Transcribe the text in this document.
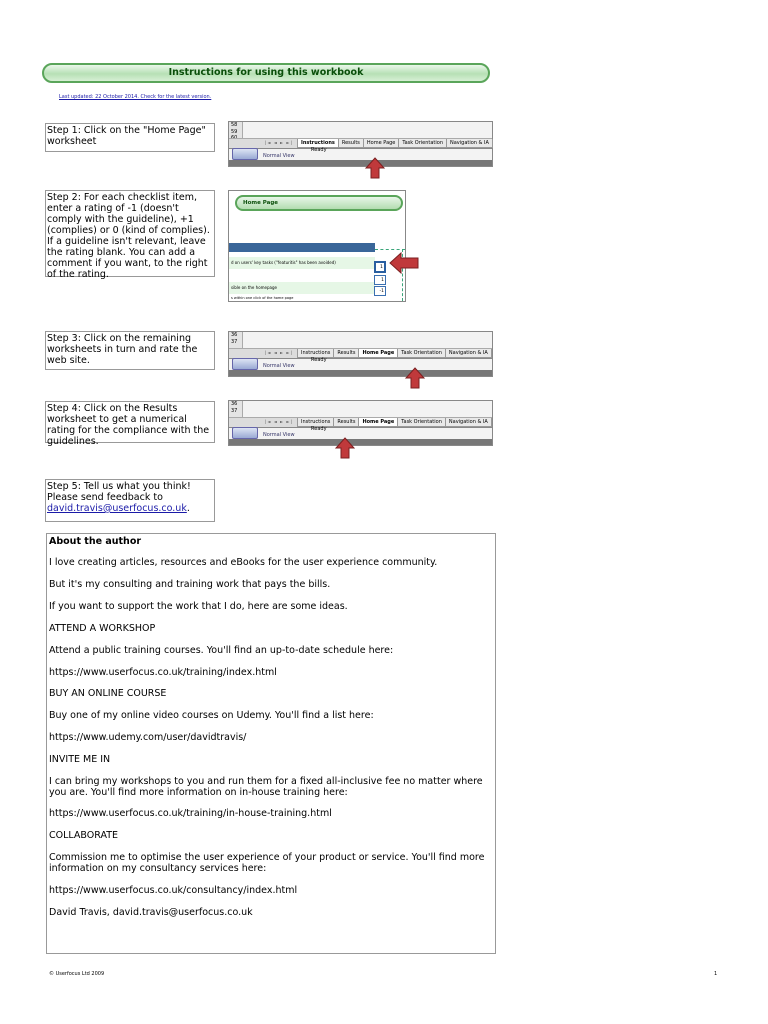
Instructions for using this workbook
Last updated: 22 October 2014. Check for the latest version.
Step 1: Click on the "Home Page" worksheet
Step 2: For each checklist item, enter a rating of -1 (doesn't comply with the guideline), +1 (complies) or 0 (kind of complies). If a guideline isn't relevant, leave the rating blank. You can add a comment if you want, to the right of the rating.
Step 3: Click on the remaining worksheets in turn and rate the web site.
Step 4: Click on the Results worksheet to get a numerical rating for the compliance with the guidelines.
Step 5: Tell us what you think! Please send feedback to david.travis@userfocus.co.uk.
58
59
|◄ ◄ ► ►|	Instructions	Results	Home Page	Task Orientation	Navigation & IA
Normal View
Ready
Home Page
d on users' key tasks ("featuritis" has been avoided)
sible on the homepage
s within one click of the home page
1
1
-1
36
37
|◄ ◄ ► ►|	Instructions	Results	Home Page	Task Orientation	Navigation & IA
Normal View
Ready
36
37
|◄ ◄ ► ►|	Instructions	Results	Home Page	Task Orientation	Navigation & IA
Normal View
Ready
About the author
I love creating articles, resources and eBooks for the user experience community.
But it's my consulting and training work that pays the bills.
If you want to support the work that I do, here are some ideas.
ATTEND A WORKSHOP
Attend a public training courses. You'll find an up-to-date schedule here:
https://www.userfocus.co.uk/training/index.html
BUY AN ONLINE COURSE
Buy one of my online video courses on Udemy. You'll find a list here:
https://www.udemy.com/user/davidtravis/
INVITE ME IN
I can bring my workshops to you and run them for a fixed all-inclusive fee no matter where you are. You'll find more information on in-house training here:
https://www.userfocus.co.uk/training/in-house-training.html
COLLABORATE
Commission me to optimise the user experience of your product or service. You'll find more information on my consultancy services here:
https://www.userfocus.co.uk/consultancy/index.html
David Travis, david.travis@userfocus.co.uk
© Userfocus Ltd 2009	1
